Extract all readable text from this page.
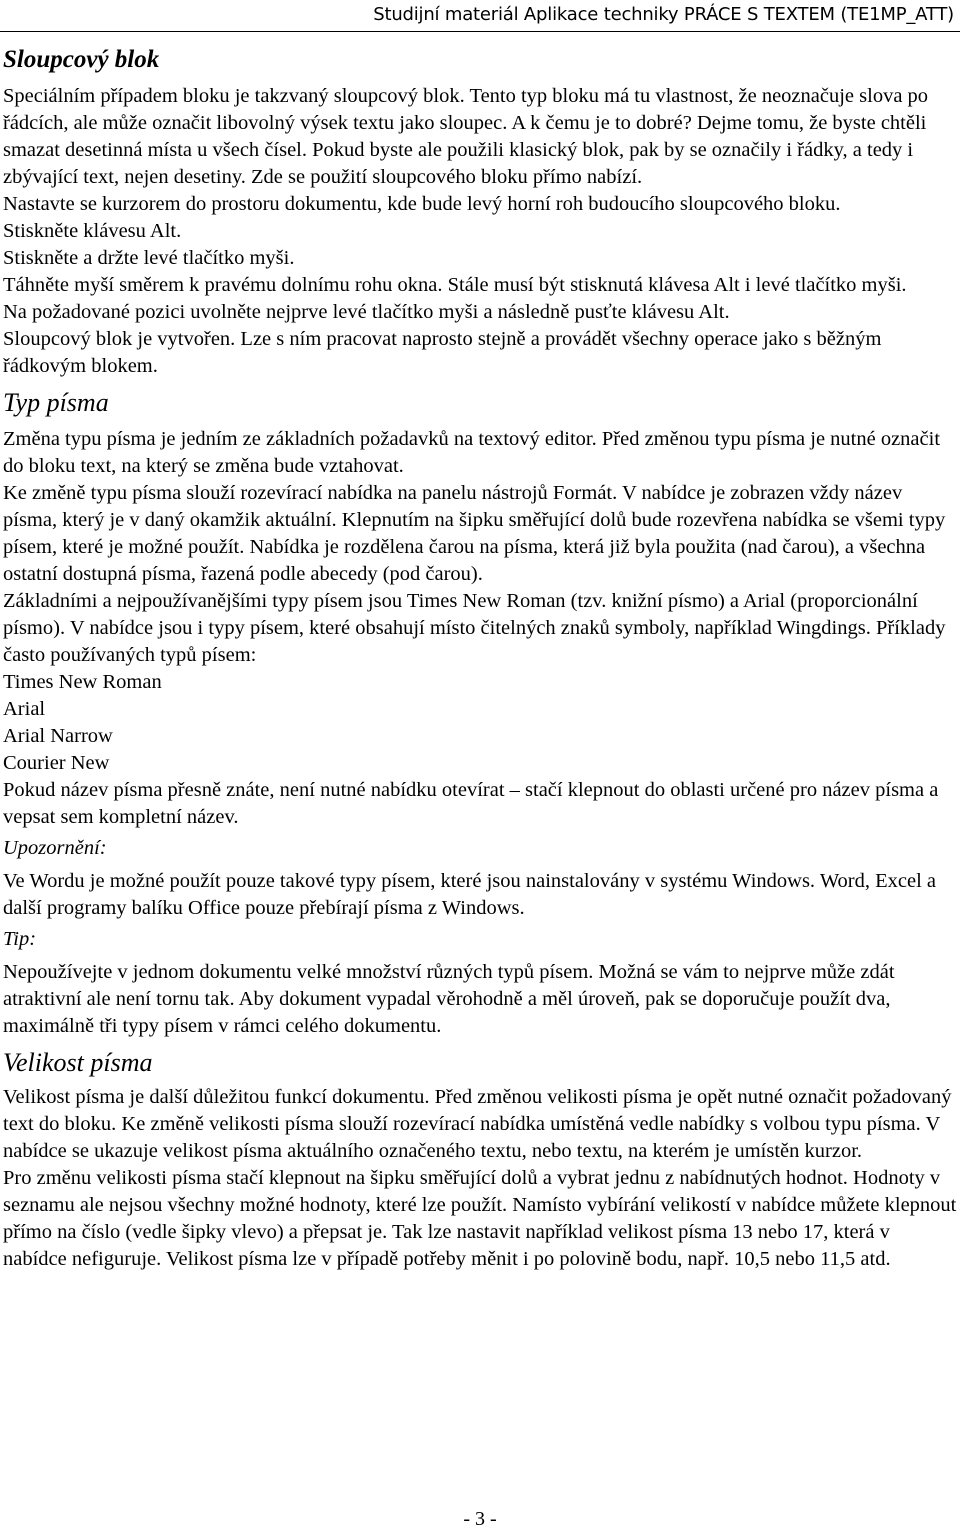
Studijní materiál Aplikace techniky PRÁCE S TEXTEM (TE1MP_ATT)
Sloupcový blok

Speciálním případem bloku je takzvaný sloupcový blok. Tento typ bloku má tu vlastnost, že neoznačuje slova po řádcích, ale může označit libovolný výsek textu jako sloupec. A k čemu je to dobré? Dejme tomu, že byste chtěli smazat desetinná místa u všech čísel. Pokud byste ale použili klasický blok, pak by se označily i řádky, a tedy i zbývající text, nejen desetiny. Zde se použití sloupcového bloku přímo nabízí.

Nastavte se kurzorem do prostoru dokumentu, kde bude levý horní roh budoucího sloupcového bloku.

Stiskněte klávesu Alt.

Stiskněte a držte levé tlačítko myši.

Táhněte myší směrem k pravému dolnímu rohu okna. Stále musí být stisknutá klávesa Alt i levé tlačítko myši.

Na požadované pozici uvolněte nejprve levé tlačítko myši a následně pusťte klávesu Alt.

Sloupcový blok je vytvořen. Lze s ním pracovat naprosto stejně a provádět všechny operace jako s běžným řádkovým blokem.

Typ písma

Změna typu písma je jedním ze základních požadavků na textový editor. Před změnou typu písma je nutné označit do bloku text, na který se změna bude vztahovat.

Ke změně typu písma slouží rozevírací nabídka na panelu nástrojů Formát. V nabídce je zobrazen vždy název písma, který je v daný okamžik aktuální. Klepnutím na šipku směřující dolů bude rozevřena nabídka se všemi typy písem, které je možné použít. Nabídka je rozdělena čarou na písma, která již byla použita (nad čarou), a všechna ostatní dostupná písma, řazená podle abecedy (pod čarou).

Základními a nejpoužívanějšími typy písem jsou Times New Roman (tzv. knižní písmo) a Arial (proporcionální písmo). V nabídce jsou i typy písem, které obsahují místo čitelných znaků symboly, například Wingdings. Příklady často používaných typů písem:

Times New Roman

Arial

Arial Narrow

Courier New

Pokud název písma přesně znáte, není nutné nabídku otevírat – stačí klepnout do oblasti určené pro název písma a vepsat sem kompletní název.

Upozornění:

Ve Wordu je možné použít pouze takové typy písem, které jsou nainstalovány v systému Windows. Word, Excel a další programy balíku Office pouze přebírají písma z Windows.

Tip:

Nepoužívejte v jednom dokumentu velké množství různých typů písem. Možná se vám to nejprve může zdát atraktivní ale není tornu tak. Aby dokument vypadal věrohodně a měl úroveň, pak se doporučuje použít dva, maximálně tři typy písem v rámci celého dokumentu.

Velikost písma

Velikost písma je další důležitou funkcí dokumentu. Před změnou velikosti písma je opět nutné označit požadovaný text do bloku. Ke změně velikosti písma slouží rozevírací nabídka umístěná vedle nabídky s volbou typu písma. V nabídce se ukazuje velikost písma aktuálního označeného textu, nebo textu, na kterém je umístěn kurzor.

Pro změnu velikosti písma stačí klepnout na šipku směřující dolů a vybrat jednu z nabídnutých hodnot. Hodnoty v seznamu ale nejsou všechny možné hodnoty, které lze použít. Namísto vybírání velikostí v nabídce můžete klepnout přímo na číslo (vedle šipky vlevo) a přepsat je. Tak lze nastavit například velikost písma 13 nebo 17, která v nabídce nefiguruje. Velikost písma lze v případě potřeby měnit i po polovině bodu, např. 10,5 nebo 11,5 atd.

- 3 -
